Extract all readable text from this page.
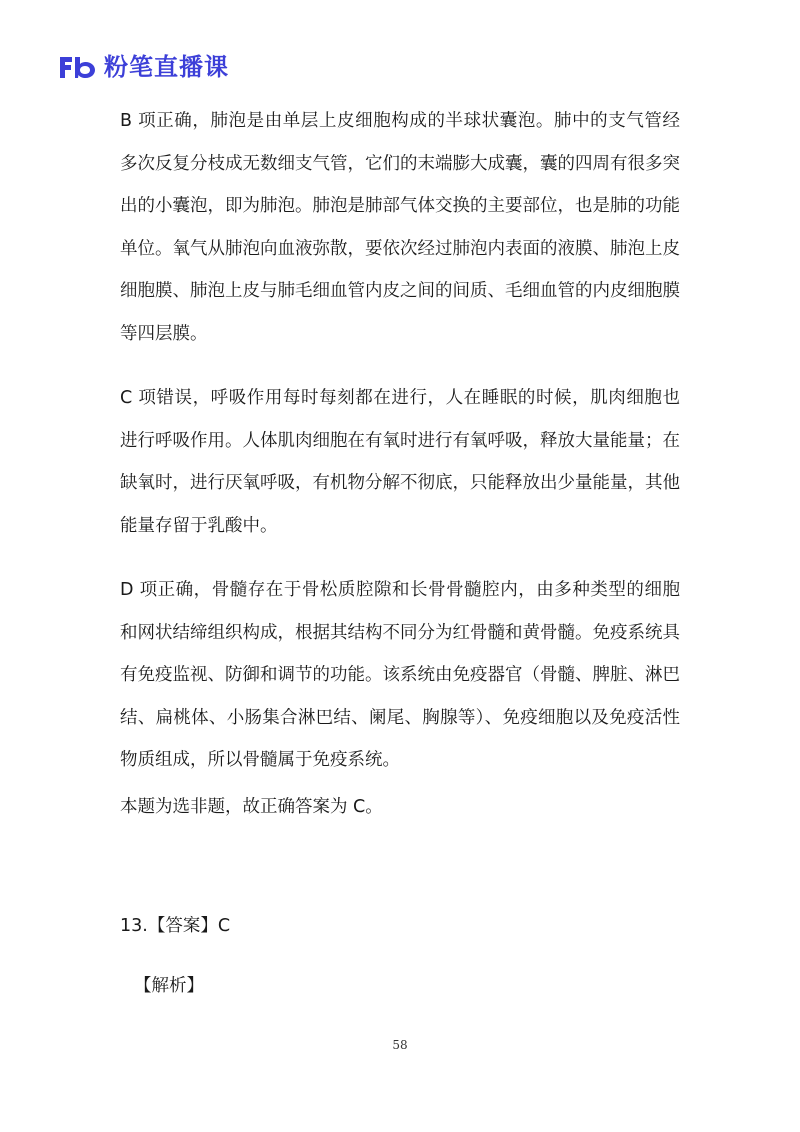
粉笔直播课

B 项正确，肺泡是由单层上皮细胞构成的半球状囊泡。肺中的支气管经多次反复分枝成无数细支气管，它们的末端膨大成囊，囊的四周有很多突出的小囊泡，即为肺泡。肺泡是肺部气体交换的主要部位，也是肺的功能单位。氧气从肺泡向血液弥散，要依次经过肺泡内表面的液膜、肺泡上皮细胞膜、肺泡上皮与肺毛细血管内皮之间的间质、毛细血管的内皮细胞膜等四层膜。

C 项错误，呼吸作用每时每刻都在进行，人在睡眠的时候，肌肉细胞也进行呼吸作用。人体肌肉细胞在有氧时进行有氧呼吸，释放大量能量；在缺氧时，进行厌氧呼吸，有机物分解不彻底，只能释放出少量能量，其他能量存留于乳酸中。

D 项正确，骨髓存在于骨松质腔隙和长骨骨髓腔内，由多种类型的细胞和网状结缔组织构成，根据其结构不同分为红骨髓和黄骨髓。免疫系统具有免疫监视、防御和调节的功能。该系统由免疫器官（骨髓、脾脏、淋巴结、扁桃体、小肠集合淋巴结、阑尾、胸腺等）、免疫细胞以及免疫活性物质组成，所以骨髓属于免疫系统。

本题为选非题，故正确答案为 C。

13.【答案】C

【解析】

58
